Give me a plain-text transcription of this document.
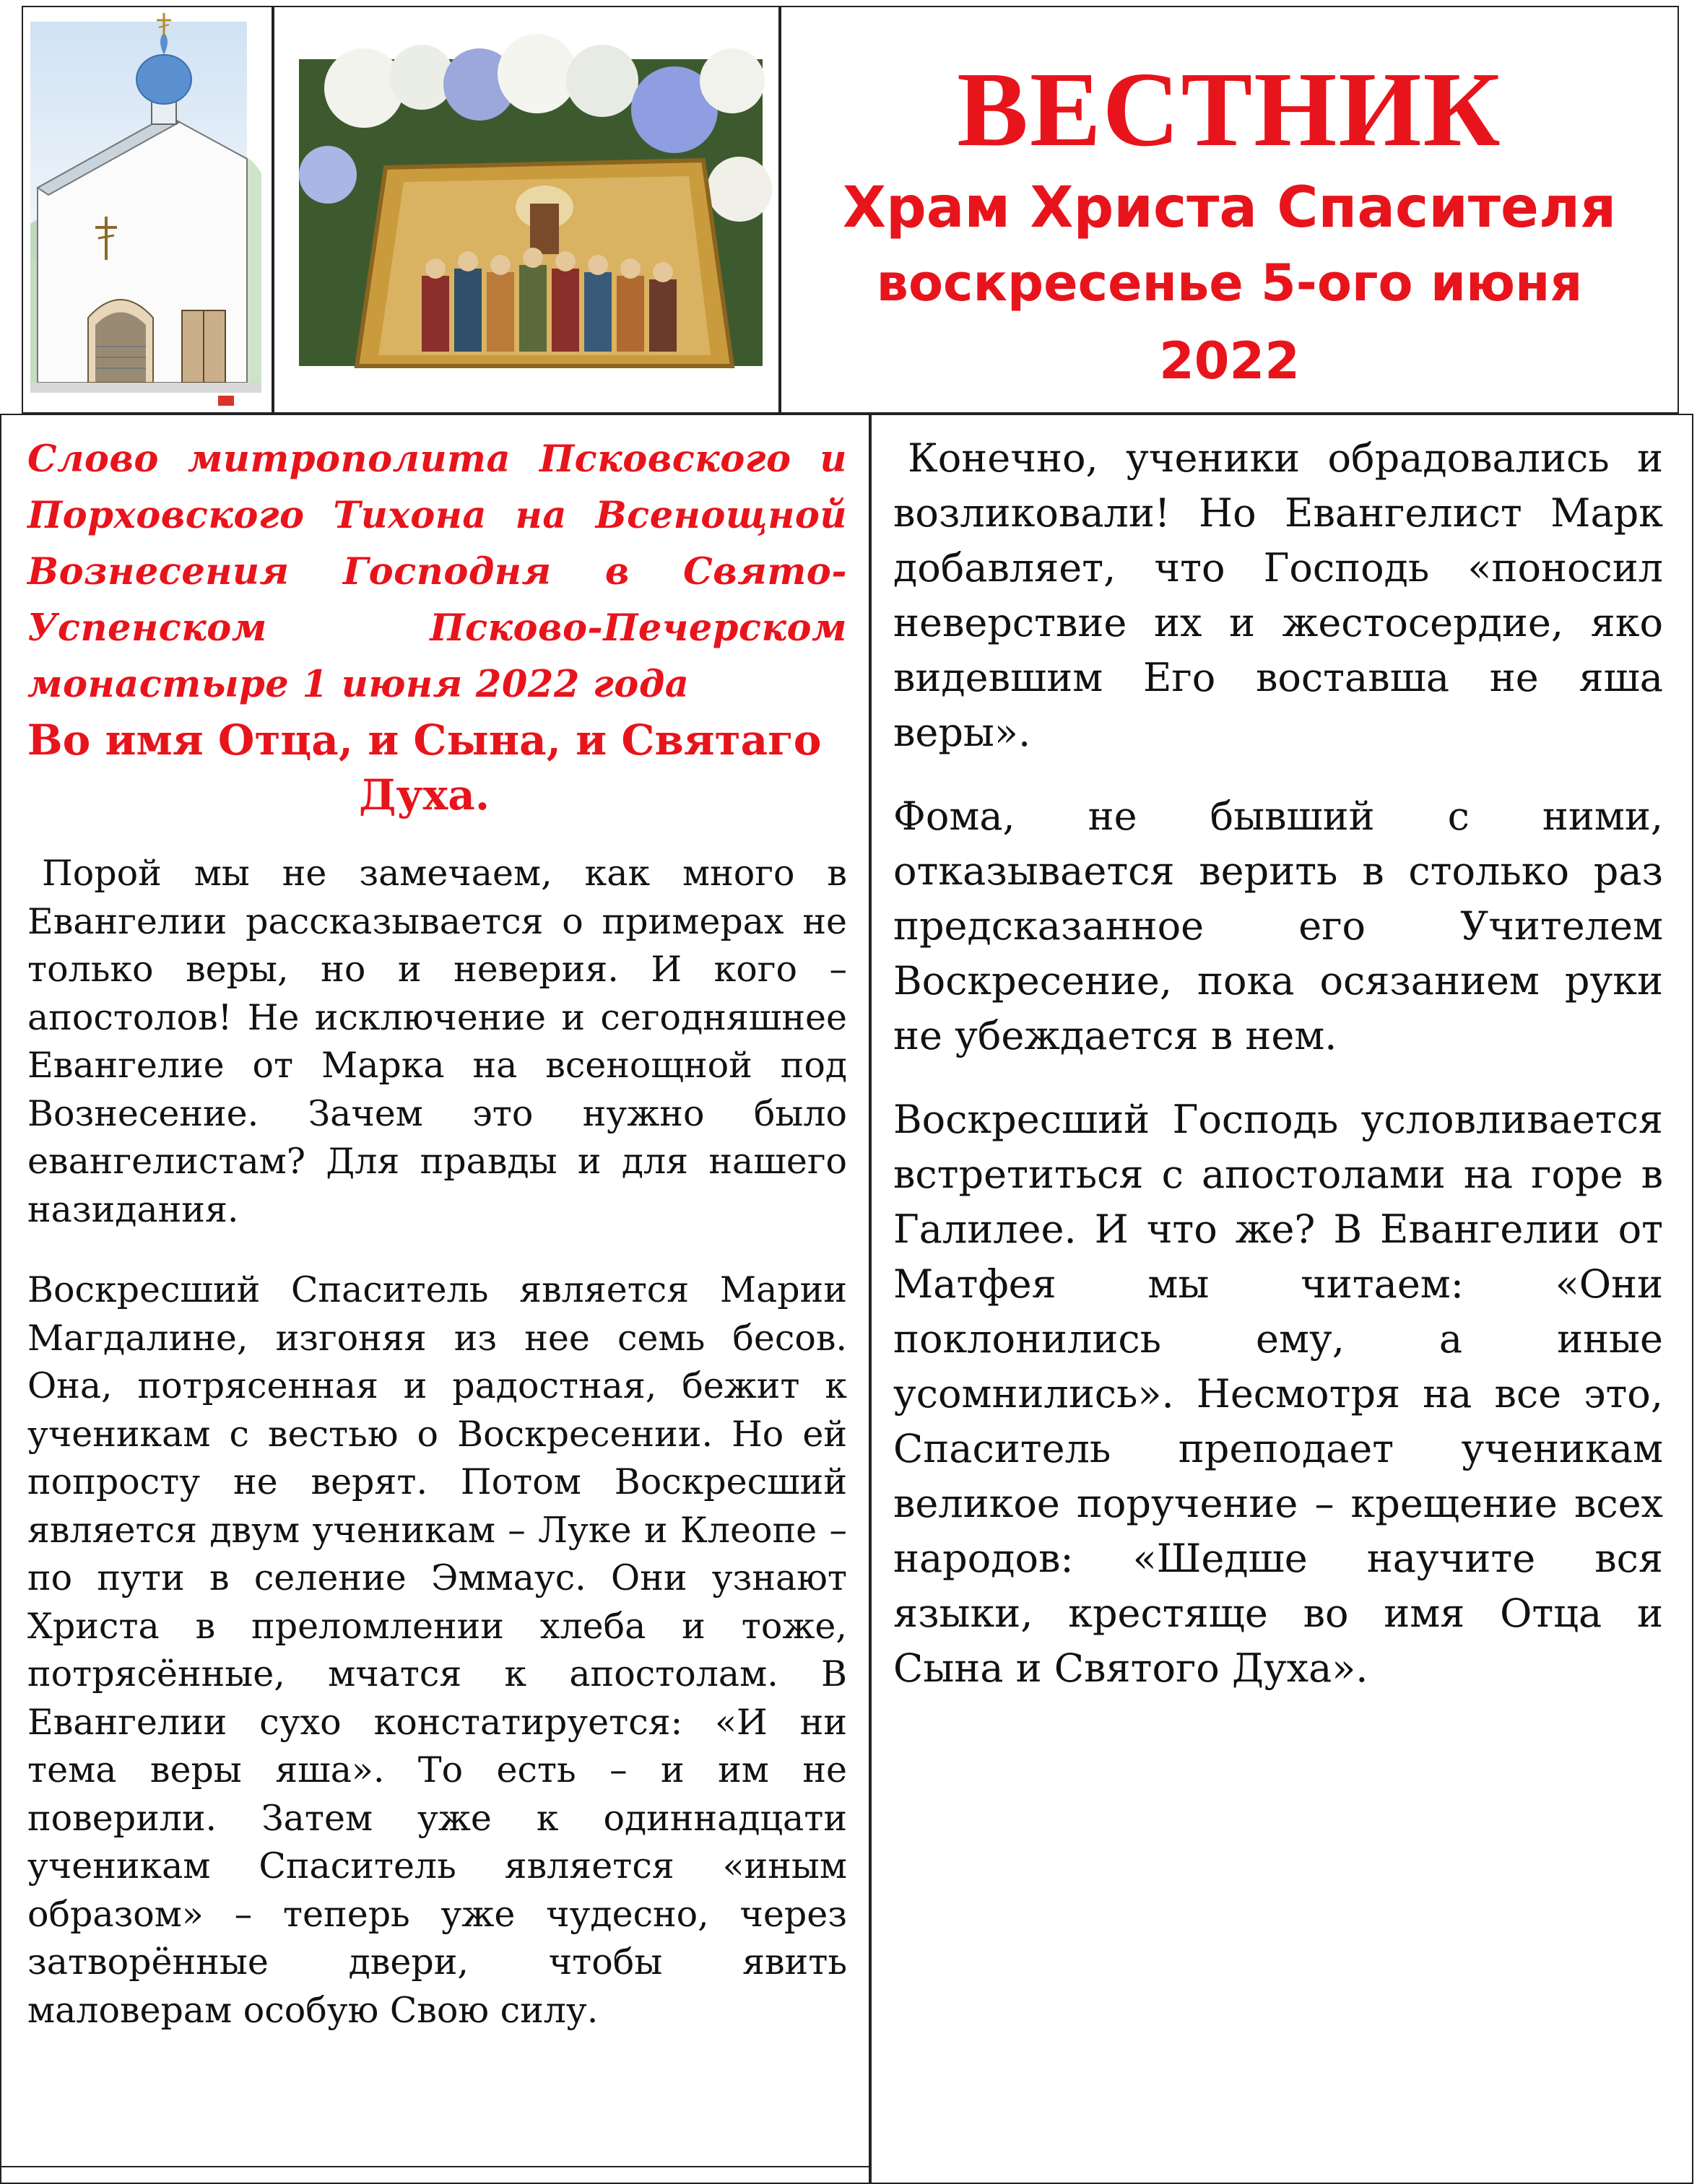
ВЕСТНИК
Храм Христа Спасителя
воскресенье 5-ого июня
2022
Слово митрополита Псковского и Порховского Тихона на Всенощной Вознесения Господня в Свято-Успенском Псково-Печерском монастыре 1 июня 2022 года
Во имя Отца, и Сына, и Святаго Духа.
Порой мы не замечаем, как много в Евангелии рассказывается о примерах не только веры, но и неверия. И кого – апостолов! Не исключение и сегодняшнее Евангелие от Марка на всенощной под Вознесение. Зачем это нужно было евангелистам? Для правды и для нашего назидания.
Воскресший Спаситель является Марии Магдалине, изгоняя из нее семь бесов. Она, потрясенная и радостная, бежит к ученикам с вестью о Воскресении. Но ей попросту не верят. Потом Воскресший является двум ученикам – Луке и Клеопе – по пути в селение Эммаус. Они узнают Христа в преломлении хлеба и тоже, потрясённые, мчатся к апостолам. В Евангелии сухо констатируется: «И ни тема веры яша». То есть – и им не поверили. Затем уже к одиннадцати ученикам Спаситель является «иным образом» – теперь уже чудесно, через затворённые двери, чтобы явить маловерам особую Свою силу.
Конечно, ученики обрадовались и возликовали! Но Евангелист Марк добавляет, что Господь «поносил неверствие их и жестосердие, яко видевшим Его воставша не яша веры».
Фома, не бывший с ними, отказывается верить в столько раз предсказанное его Учителем Воскресение, пока осязанием руки не убеждается в нем.
Воскресший Господь условливается встретиться с апостолами на горе в Галилее. И что же? В Евангелии от Матфея мы читаем: «Они поклонились ему, а иные усомнились». Несмотря на все это, Спаситель преподает ученикам великое поручение – крещение всех народов: «Шедше научите вся языки, крестяще во имя Отца и Сына и Святого Духа».
